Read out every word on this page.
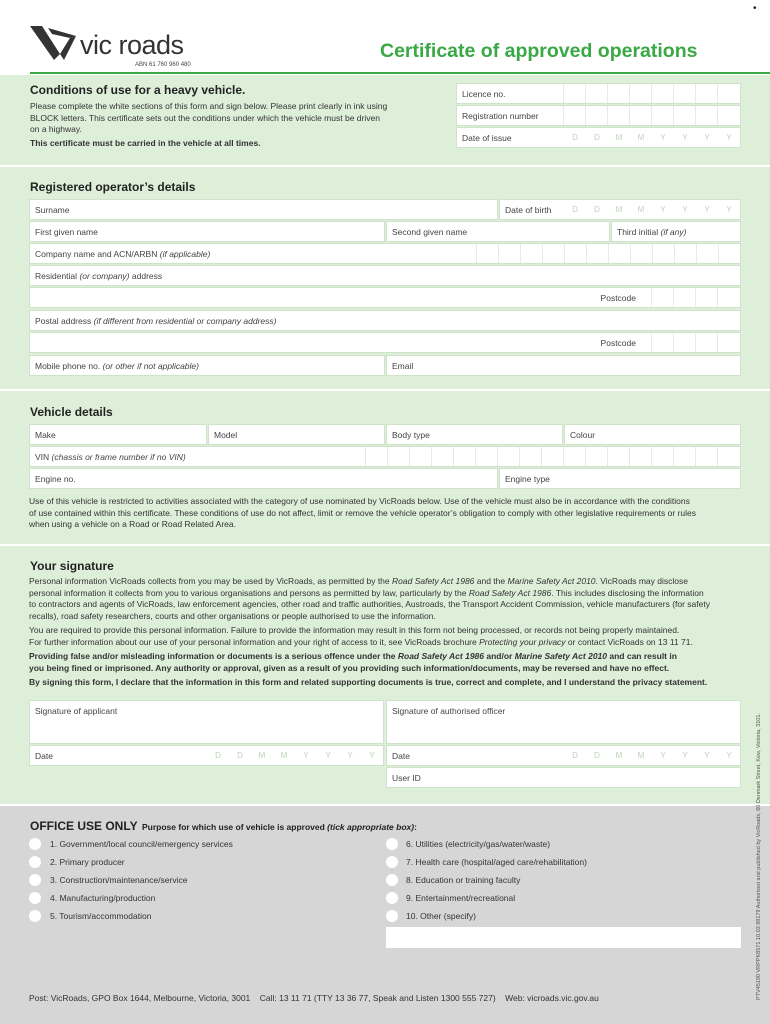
•
vic roads
ABN 61 760 960 480
Certificate of approved operations
Conditions of use for a heavy vehicle.
Please complete the white sections of this form and sign below. Please print clearly in ink using
BLOCK letters. This certificate sets out the conditions under which the vehicle must be driven
on a highway.
This certificate must be carried in the vehicle at all times.
Licence no.
Registration number
Date of issue	D	D	M	M	Y	Y	Y	Y
Registered operator’s details
Surname	Date of birth	D	D	M	M	Y	Y	Y	Y
First given name	Second given name	Third initial
(if any)
Company name and ACN/ARBN
(if applicable)
Residential
(or company)
address
Postcode
Postal address
(if different from residential or company address)
Postcode
Mobile phone no.
(or other if not applicable)	Email
Vehicle details
Make	Model	Body type	Colour
VIN
(chassis or frame number if no VIN)
Engine no.	Engine type
Use of this vehicle is restricted to activities associated with the category of use nominated by VicRoads below. Use of the vehicle must also be in accordance with the conditions
of use contained within this certificate. These conditions of use do not affect, limit or remove the vehicle operator’s obligation to comply with other legislative requirements or rules
when using a vehicle on a Road or Road Related Area.
Your signature
Personal information VicRoads collects from you may be used by VicRoads, as permitted by the Road Safety Act 1986 and the Marine Safety Act 2010. VicRoads may disclose
personal information it collects from you to various organisations and persons as permitted by law, particularly by the Road Safety Act 1986. This includes disclosing the information
to contractors and agents of VicRoads, law enforcement agencies, other road and traffic authorities, Austroads, the Transport Accident Commission, vehicle manufacturers (for safety
recalls), road safety researchers, courts and other organisations or people authorised to use the information.
You are required to provide this personal information. Failure to provide the information may result in this form not being processed, or records not being properly maintained.
For further information about our use of your personal information and your right of access to it, see VicRoads brochure Protecting your privacy or contact VicRoads on 13 11 71.
Providing false and/or misleading information or documents is a serious offence under the Road Safety Act 1986 and/or Marine Safety Act 2010 and can result in
you being fined or imprisoned. Any authority or approval, given as a result of you providing such information/documents, may be reversed and have no effect.
By signing this form, I declare that the information in this form and related supporting documents is true, correct and complete, and I understand the privacy statement.
Signature of applicant	Signature of authorised officer
Date	D	D	M	M	Y	Y	Y	Y	Date	D	D	M	M	Y	Y	Y	Y
User ID
OFFICE USE ONLY Purpose for which use of vehicle is approved (tick appropriate box):
1. Government/local council/emergency services
2. Primary producer
3. Construction/maintenance/service
4. Manufacturing/production
5. Tourism/accommodation
6. Utilities (electricity/gas/water/waste)
7. Health care (hospital/aged care/rehabilitation)
8. Education or training faculty
9. Entertainment/recreational
10. Other (specify)
Post: VicRoads, GPO Box 1644, Melbourne, Victoria, 3001    Call: 13 11 71 (TTY 13 36 77, Speak and Listen 1300 555 727)    Web: vicroads.vic.gov.au	PTV45190 VRPPK8571 10.03 88179 Authorised and published by VicRoads, 60 Denmark Street, Kew, Victoria, 3101.
